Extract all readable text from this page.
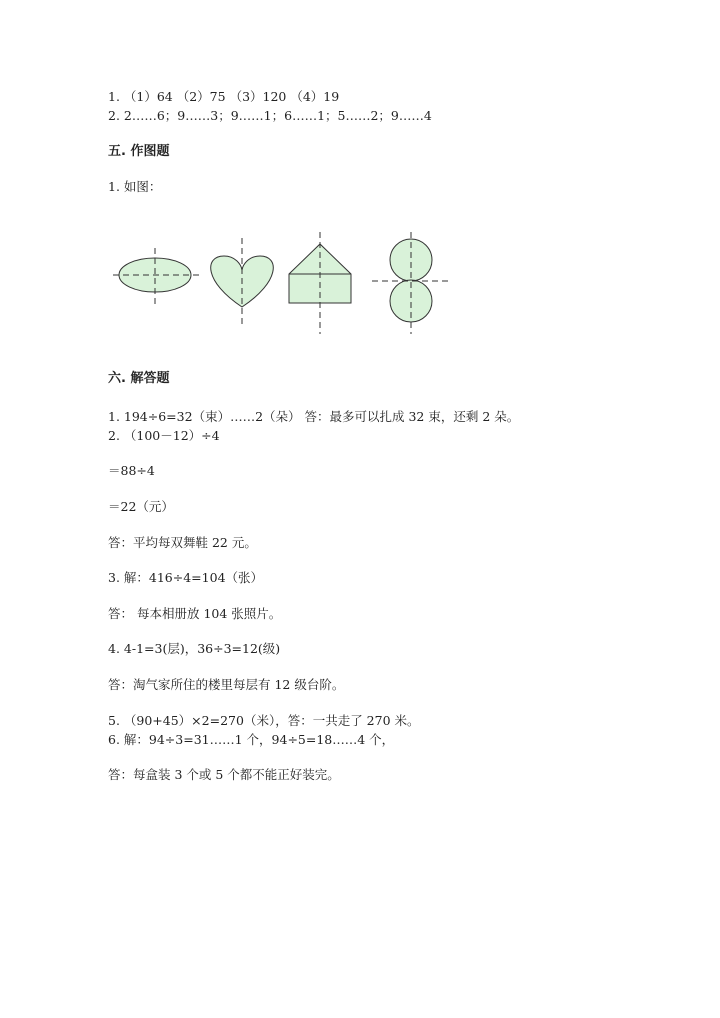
1. （1）64 （2）75 （3）120 （4）19
2. 2……6；9……3；9……1；6……1；5……2；9……4
五. 作图题
1. 如图：
六. 解答题
1. 194÷6=32（束）……2（朵） 答：最多可以扎成 32 束，还剩 2 朵。
2. （100－12）÷4
＝88÷4
＝22（元）
答：平均每双舞鞋 22 元。
3. 解：416÷4=104（张）
答： 每本相册放 104 张照片。
4. 4-1=3(层)，36÷3=12(级)
答：淘气家所住的楼里每层有 12 级台阶。
5. （90+45）×2=270（米），答：一共走了 270 米。
6. 解：94÷3=31……1 个，94÷5=18……4 个，
答：每盒装 3 个或 5 个都不能正好装完。
